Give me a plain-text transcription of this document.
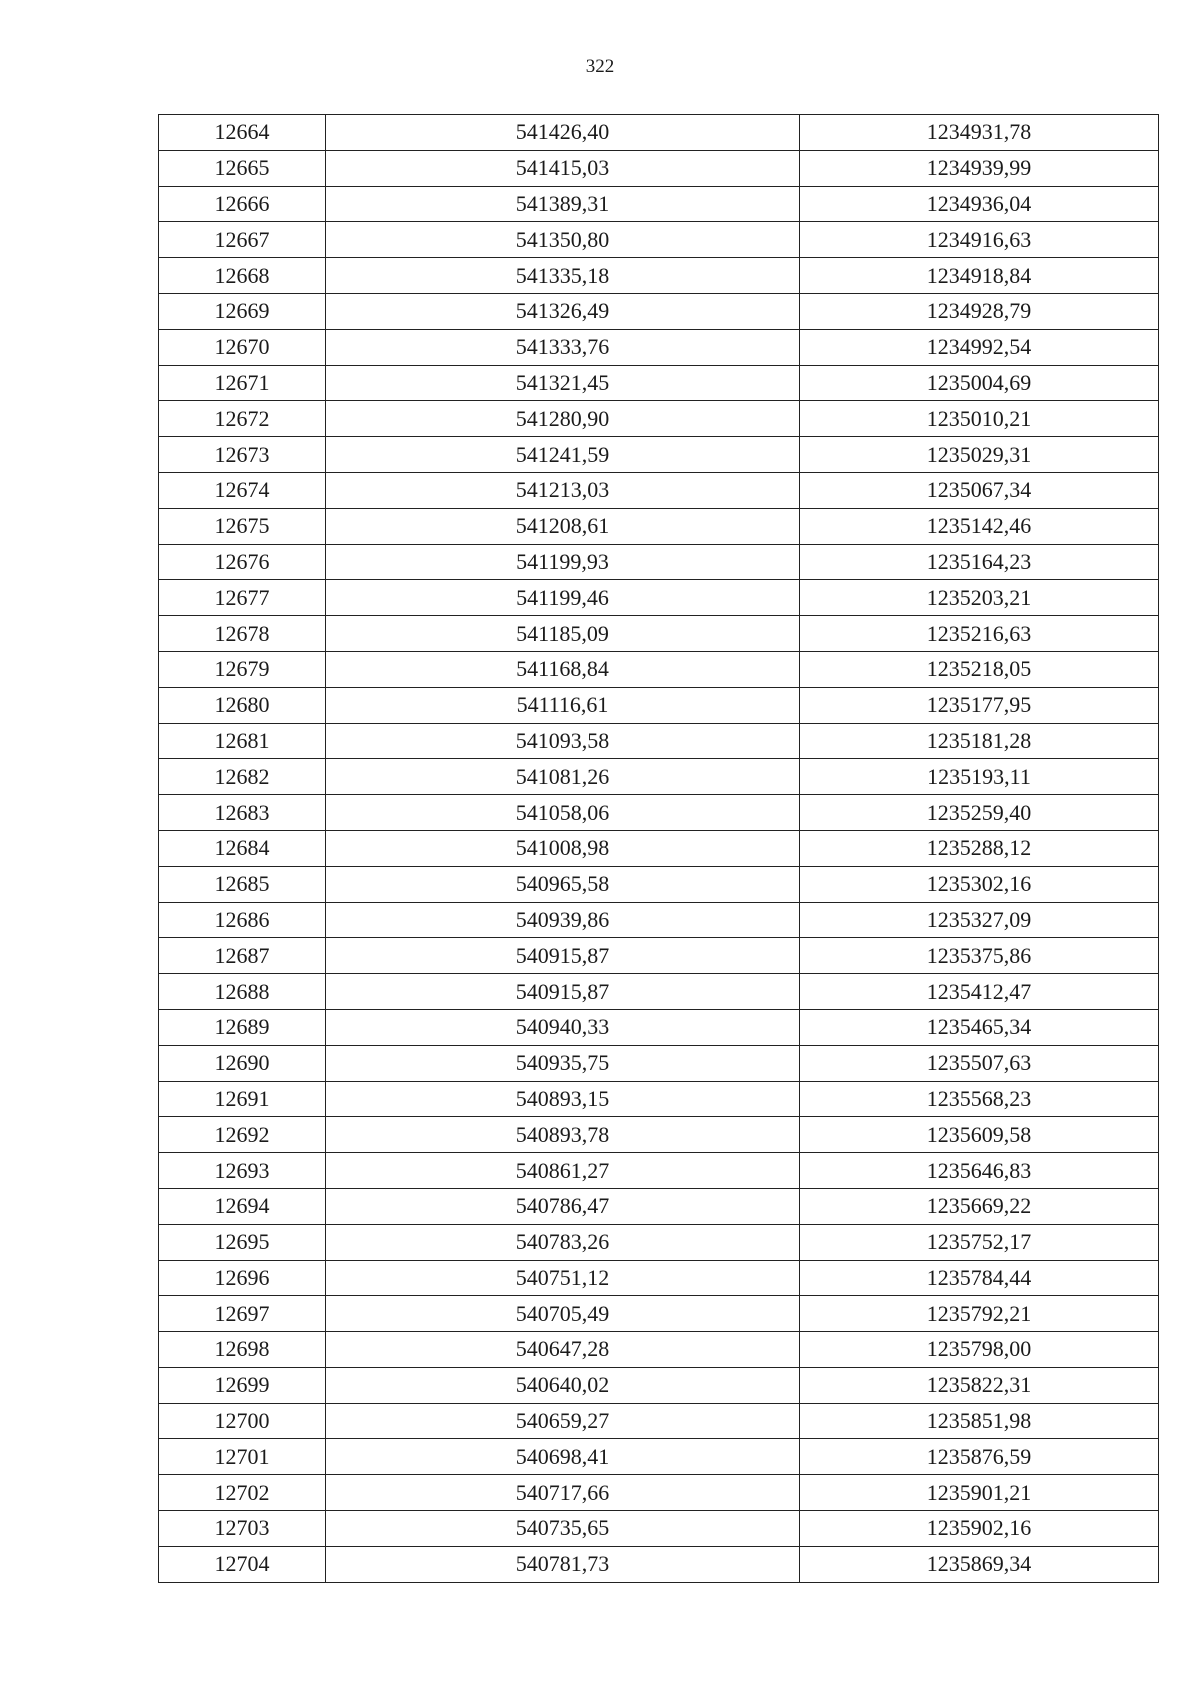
322
12664	541426,40	1234931,78
12665	541415,03	1234939,99
12666	541389,31	1234936,04
12667	541350,80	1234916,63
12668	541335,18	1234918,84
12669	541326,49	1234928,79
12670	541333,76	1234992,54
12671	541321,45	1235004,69
12672	541280,90	1235010,21
12673	541241,59	1235029,31
12674	541213,03	1235067,34
12675	541208,61	1235142,46
12676	541199,93	1235164,23
12677	541199,46	1235203,21
12678	541185,09	1235216,63
12679	541168,84	1235218,05
12680	541116,61	1235177,95
12681	541093,58	1235181,28
12682	541081,26	1235193,11
12683	541058,06	1235259,40
12684	541008,98	1235288,12
12685	540965,58	1235302,16
12686	540939,86	1235327,09
12687	540915,87	1235375,86
12688	540915,87	1235412,47
12689	540940,33	1235465,34
12690	540935,75	1235507,63
12691	540893,15	1235568,23
12692	540893,78	1235609,58
12693	540861,27	1235646,83
12694	540786,47	1235669,22
12695	540783,26	1235752,17
12696	540751,12	1235784,44
12697	540705,49	1235792,21
12698	540647,28	1235798,00
12699	540640,02	1235822,31
12700	540659,27	1235851,98
12701	540698,41	1235876,59
12702	540717,66	1235901,21
12703	540735,65	1235902,16
12704	540781,73	1235869,34
